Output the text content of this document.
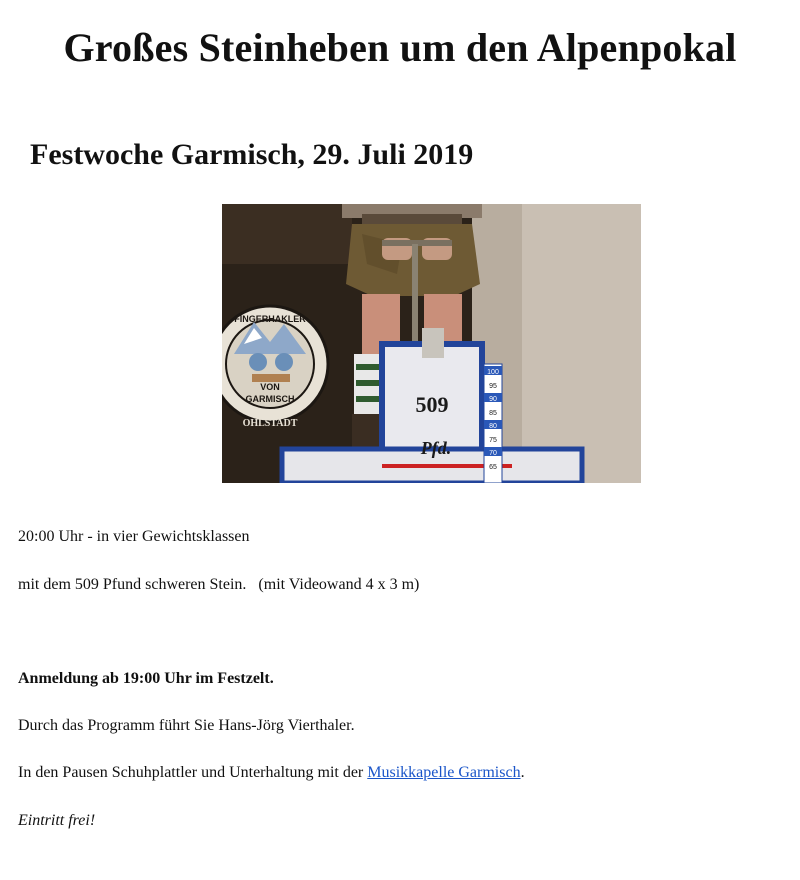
Großes Steinheben um den Alpenpokal
Festwoche Garmisch, 29. Juli 2019
FINGERHAKLER
VON
GARMISCH
OHLSTADT
509
Pfd.
100
95
90
85
80
75
70
65

20:00 Uhr - in vier Gewichtsklassen

mit dem 509 Pfund schweren Stein.   (mit Videowand 4 x 3 m)

Anmeldung ab 19:00 Uhr im Festzelt.

Durch das Programm führt Sie Hans-Jörg Vierthaler.

In den Pausen Schuhplattler und Unterhaltung mit der Musikkapelle Garmisch.

Eintritt frei!
